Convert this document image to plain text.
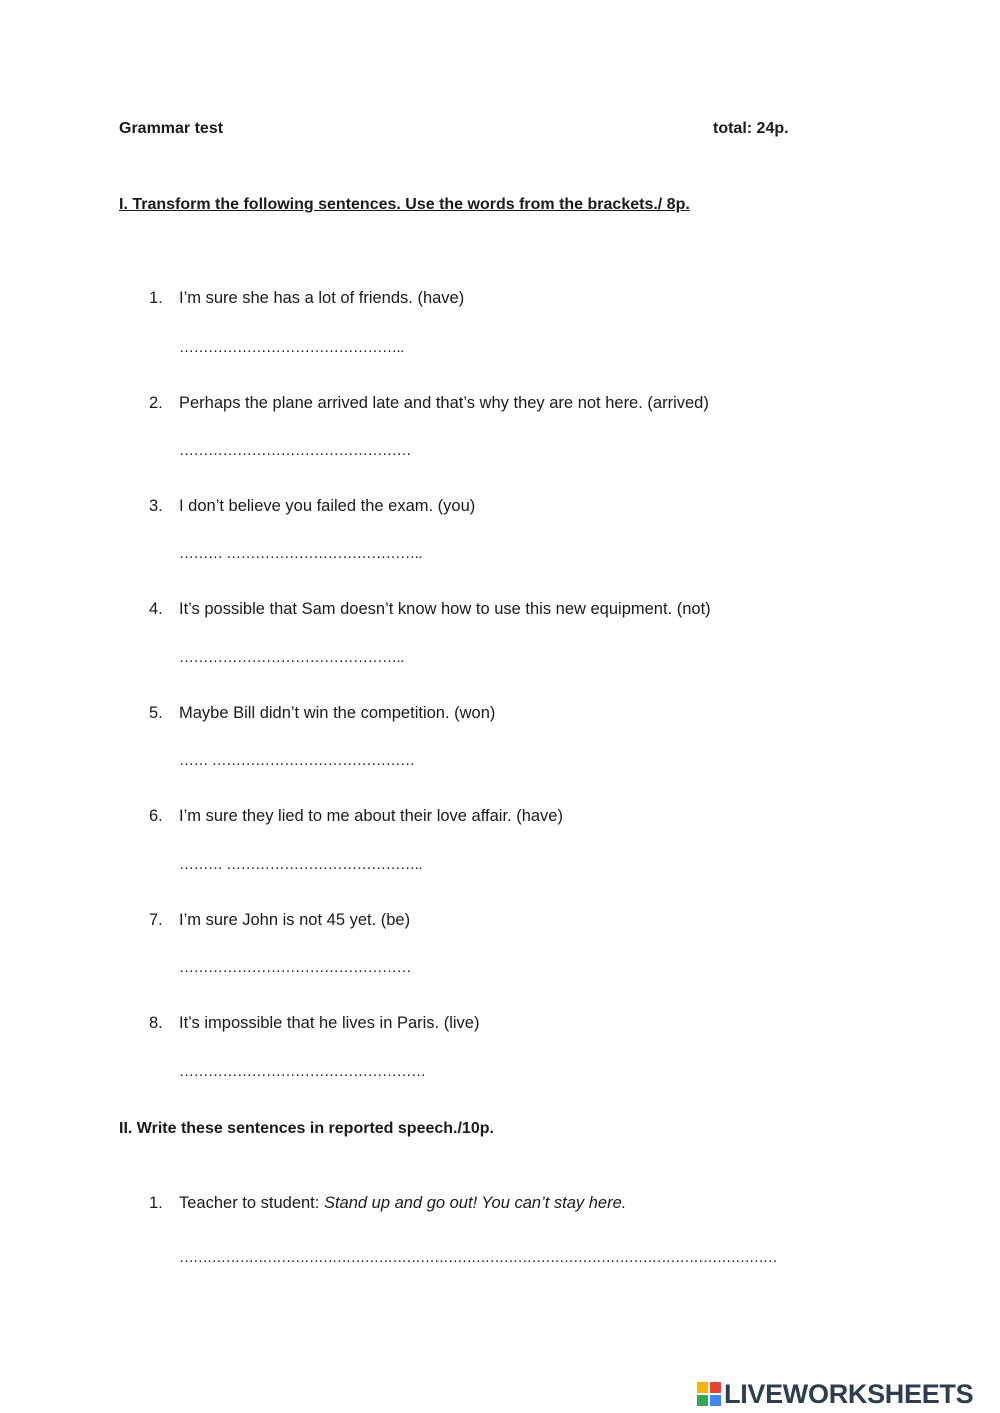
Grammar test	total: 24p.
I. Transform the following sentences. Use the words from the brackets./ 8p.
1. I’m sure she has a lot of friends. (have)
………………………………………..
2. Perhaps the plane arrived late and that’s why they are not here. (arrived)
…………………………………………
3. I don’t believe you failed the exam. (you)
……… …………………………………..
4. It’s possible that Sam doesn’t know how to use this new equipment. (not)
………………………………………..
5. Maybe Bill didn’t win the competition. (won)
…… ……………………………………
6. I’m sure they lied to me about their love affair. (have)
……… …………………………………..
7. I’m sure John is not 45 yet. (be)
…………………………………………
8. It’s impossible that he lives in Paris. (live)
……………………………………………
II. Write these sentences in reported speech./10p.
1. Teacher to student: Stand up and go out! You can’t stay here.
…………………………………………………………………………………………………………………
LIVEWORKSHEETS
